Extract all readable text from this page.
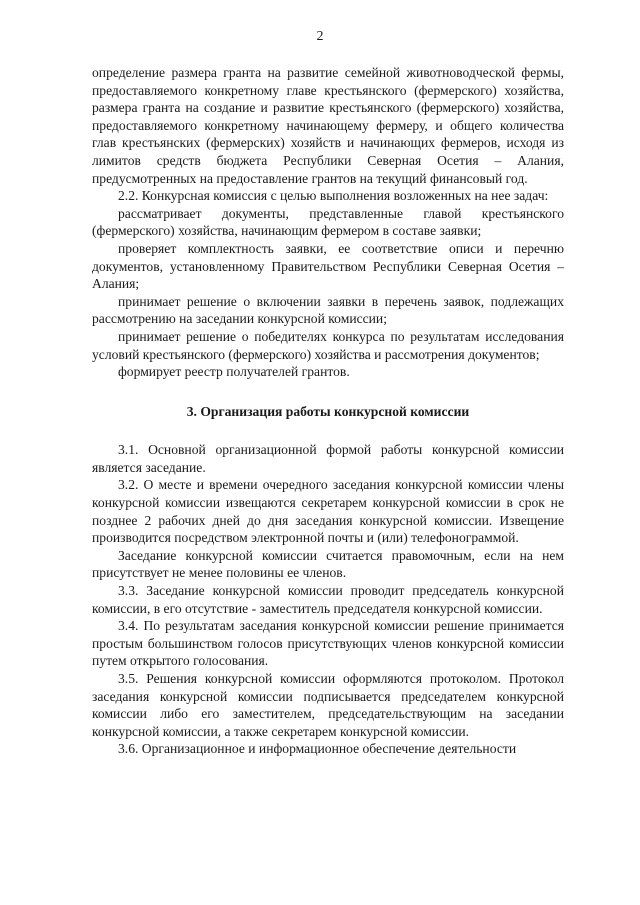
2

определение размера гранта на развитие семейной животноводческой фермы, предоставляемого конкретному главе крестьянского (фермерского) хозяйства, размера гранта на создание и развитие крестьянского (фермерского) хозяйства, предоставляемого конкретному начинающему фермеру, и общего количества глав крестьянских (фермерских) хозяйств и начинающих фермеров, исходя из лимитов средств бюджета Республики Северная Осетия – Алания, предусмотренных на предоставление грантов на текущий финансовый год.

2.2. Конкурсная комиссия с целью выполнения возложенных на нее задач:

рассматривает документы, представленные главой крестьянского (фермерского) хозяйства, начинающим фермером в составе заявки;

проверяет комплектность заявки, ее соответствие описи и перечню документов, установленному Правительством Республики Северная Осетия – Алания;

принимает решение о включении заявки в перечень заявок, подлежащих рассмотрению на заседании конкурсной комиссии;

принимает решение о победителях конкурса по результатам исследования условий крестьянского (фермерского) хозяйства и рассмотрения документов;

формирует реестр получателей грантов.

3. Организация работы конкурсной комиссии

3.1. Основной организационной формой работы конкурсной комиссии является заседание.

3.2. О месте и времени очередного заседания конкурсной комиссии члены конкурсной комиссии извещаются секретарем конкурсной комиссии в срок не позднее 2 рабочих дней до дня заседания конкурсной комиссии. Извещение производится посредством электронной почты и (или) телефонограммой.

Заседание конкурсной комиссии считается правомочным, если на нем присутствует не менее половины ее членов.

3.3. Заседание конкурсной комиссии проводит председатель конкурсной комиссии, в его отсутствие - заместитель председателя конкурсной комиссии.

3.4. По результатам заседания конкурсной комиссии решение принимается простым большинством голосов присутствующих членов конкурсной комиссии путем открытого голосования.

3.5. Решения конкурсной комиссии оформляются протоколом. Протокол заседания конкурсной комиссии подписывается председателем конкурсной комиссии либо его заместителем, председательствующим на заседании конкурсной комиссии, а также секретарем конкурсной комиссии.

3.6. Организационное и информационное обеспечение деятельности
